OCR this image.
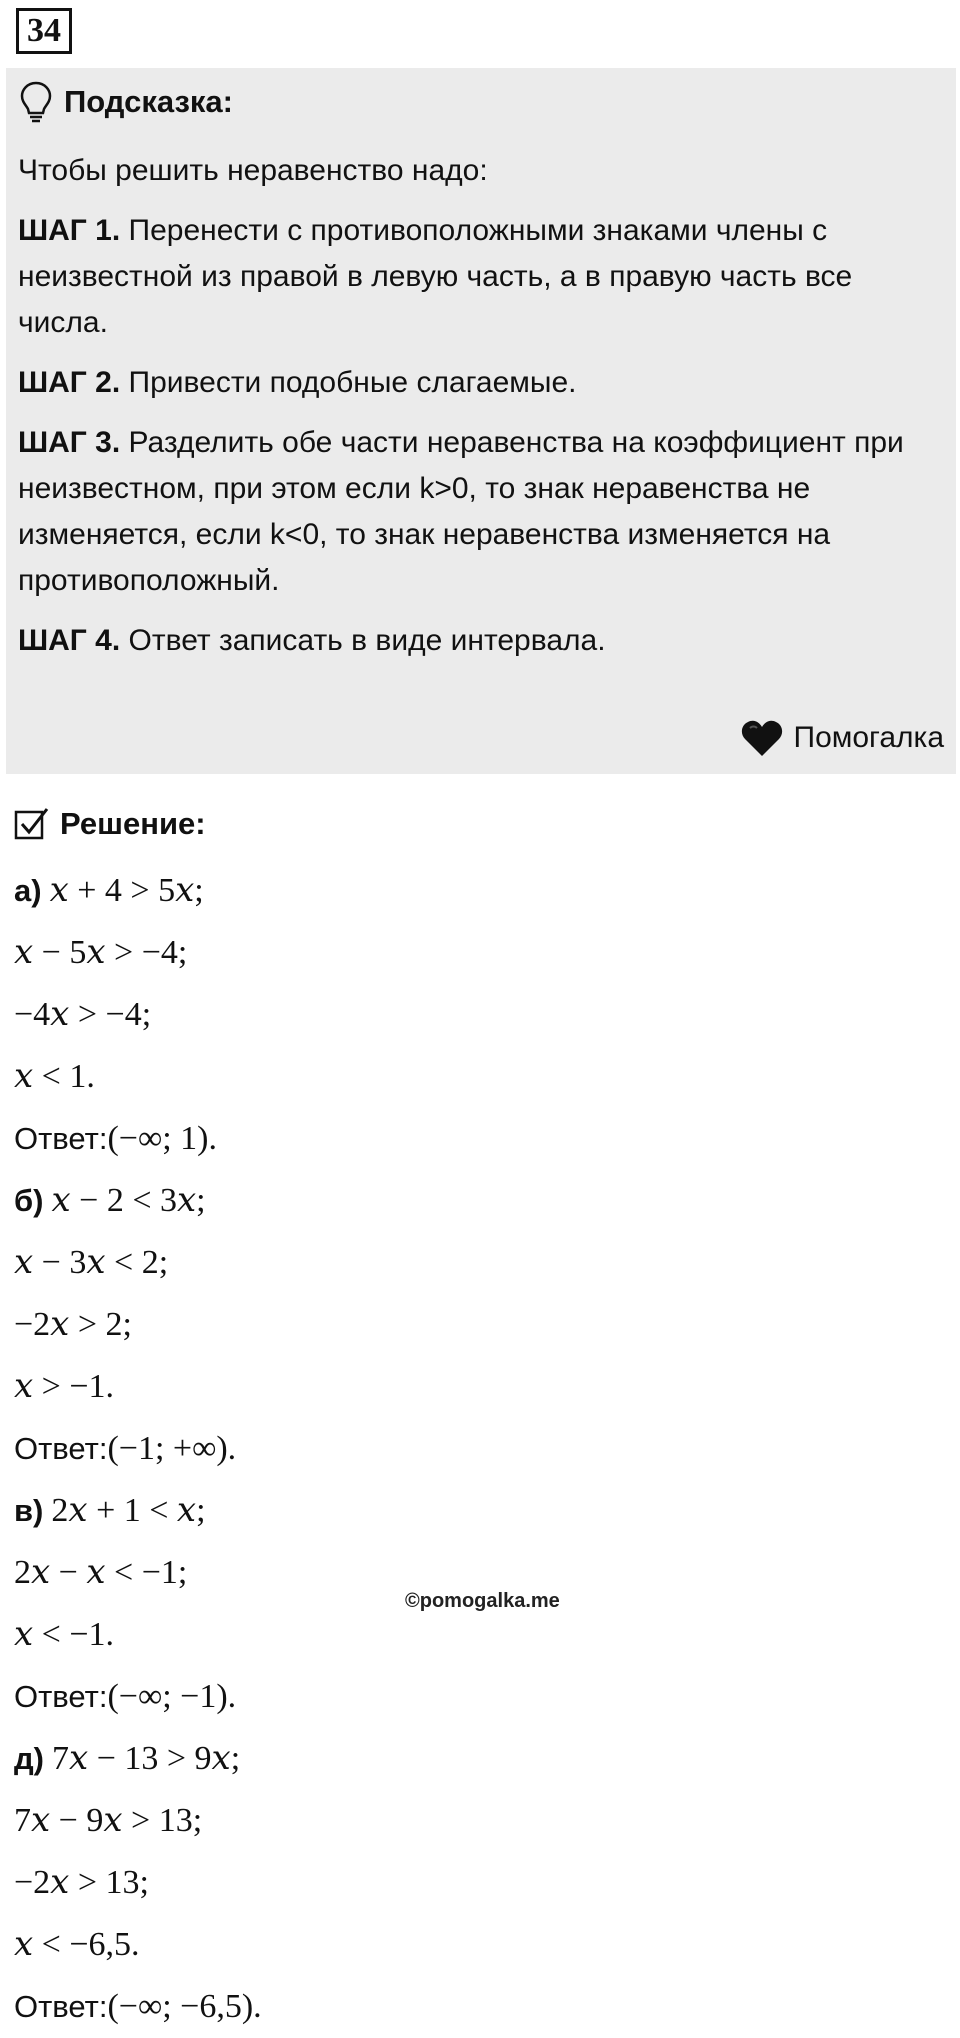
34
Подсказка:

Чтобы решить неравенство надо:

ШАГ 1. Перенести с противоположными знаками члены с неизвестной из правой в левую часть, а в правую часть все числа.

ШАГ 2. Привести подобные слагаемые.

ШАГ 3. Разделить обе части неравенства на коэффициент при неизвестном, при этом если k>0, то знак неравенства не изменяется, если k<0, то знак неравенства изменяется на противоположный.

ШАГ 4. Ответ записать в виде интервала.

Помогалка
Решение:
а) 𝑥 + 4 > 5𝑥;
𝑥 − 5𝑥 > −4;
−4𝑥 > −4;
𝑥 < 1.
Ответ:(−∞; 1).
б) 𝑥 − 2 < 3𝑥;
𝑥 − 3𝑥 < 2;
−2𝑥 > 2;
𝑥 > −1.
Ответ:(−1; +∞).
в) 2𝑥 + 1 < 𝑥;
2𝑥 − 𝑥 < −1;
𝑥 < −1.
Ответ:(−∞; −1).
д) 7𝑥 − 13 > 9𝑥;
7𝑥 − 9𝑥 > 13;
−2𝑥 > 13;
𝑥 < −6,5.
Ответ:(−∞; −6,5).
©pomogalka.me
